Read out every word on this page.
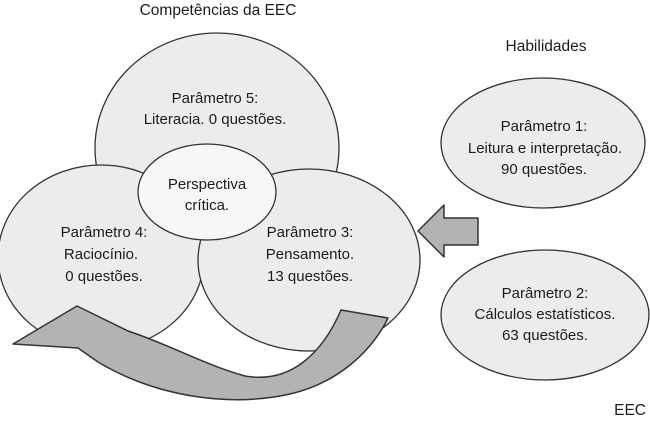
Competências da EEC
Habilidades
Parâmetro 5:
Literacia. 0 questões.
Perspectiva
crítica.
Parâmetro 4:
Raciocínio.
0 questões.
Parâmetro 3:
Pensamento.
13 questões.
Parâmetro 1:
Leitura e interpretação.
90 questões.
Parâmetro 2:
Cálculos estatísticos.
63 questões.
EEC
